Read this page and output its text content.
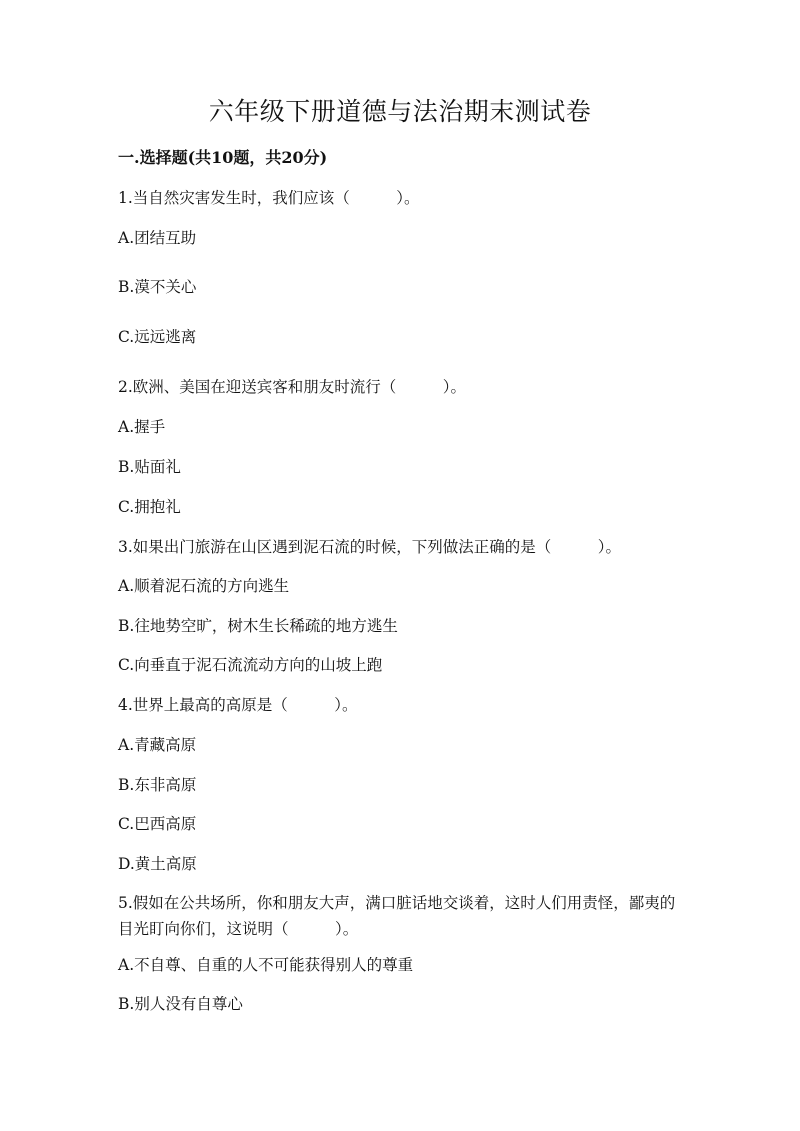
六年级下册道德与法治期末测试卷
一.选择题(共10题，共20分)
1.当自然灾害发生时，我们应该（　　　）。
A.团结互助
B.漠不关心
C.远远逃离
2.欧洲、美国在迎送宾客和朋友时流行（　　　）。
A.握手
B.贴面礼
C.拥抱礼
3.如果出门旅游在山区遇到泥石流的时候，下列做法正确的是（　　　）。
A.顺着泥石流的方向逃生
B.往地势空旷，树木生长稀疏的地方逃生
C.向垂直于泥石流流动方向的山坡上跑
4.世界上最高的高原是（　　　）。
A.青藏高原
B.东非高原
C.巴西高原
D.黄土高原
5.假如在公共场所，你和朋友大声，满口脏话地交谈着，这时人们用责怪，鄙夷的目光盯向你们，这说明（　　　）。
A.不自尊、自重的人不可能获得别人的尊重
B.别人没有自尊心
